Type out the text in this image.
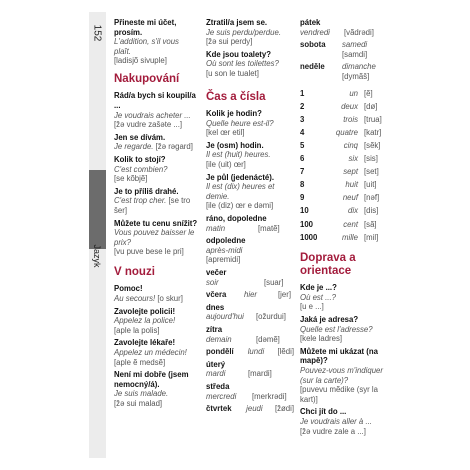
152
Jazyk
Přineste mi účet, prosím.
L'addition, s'il vous plaît.
[ladisjõ sivuple]
Nakupování
Rád/a bych si koupil/a ...
Je voudrais acheter ...
[žə vudre zašəte ...]
Jen se dívám.
Je regarde. [žə rəgard]
Kolik to stojí?
C'est combien?
[se kõbjẽ]
Je to příliš drahé.
C'est trop cher. [se tro šer]
Můžete tu cenu snížit?
Vous pouvez baisser le prix?
[vu puve bese le pri]
V nouzi
Pomoc!
Au secours! [o skur]
Zavolejte policii!
Appelez la police!
[aple la polis]
Zavolejte lékaře!
Appelez un médecin!
[aple ẽ medsẽ]
Není mi dobře (jsem nemocný/á).
Je suis malade.
[žə sui malad]
Ztratil/a jsem se.
Je suis perdu/perdue.
[žə sui perdy]
Kde jsou toalety?
Où sont les toilettes?
[u son le tualet]
Čas a čísla
Kolik je hodin?
Quelle heure est-il?
[kel œr etil]
Je (osm) hodin.
Il est (huit) heures.
[ile (uit) œr]
Je půl (jedenácté).
Il est (dix) heures et demie.
[ile (diz) œr e dəmi]
ráno, dopoledne
matin	[matẽ]
odpoledne
après-midi
[apremidi]
večer
soir	[suar]
včera	hier	[jer]
dnes
aujourd'hui	[ožurdui]
zítra
demain	[dəmẽ]
pondělí	lundi	[lẽdi]
úterý
mardi	[mardi]
středa
mercredi	[merkrədi]
čtvrtek	jeudi	[žødi]
pátek
vendredi	[vãdrədi]
sobota	samedi
[samdi]
neděle	dimanche
[dymãš]
1	un [ẽ]
2	deux [dø]
3	trois [trua]
4	quatre [katr]
5	cinq [sẽk]
6	six [sis]
7	sept [set]
8	huit [uit]
9	neuf [nəf]
10	dix [dis]
100	cent [sã]
1000	mille [mil]
Doprava a orientace
Kde je ...?
Où est ...?
[u e ...]
Jaká je adresa?
Quelle est l'adresse?
[kele ladres]
Můžete mi ukázat (na mapě)?
Pouvez-vous m'indiquer (sur la carte)?
[puvevu mẽdike (syr la kart)]
Chci jít do ...
Je voudrais aller à ...
[žə vudre zale a ...]
